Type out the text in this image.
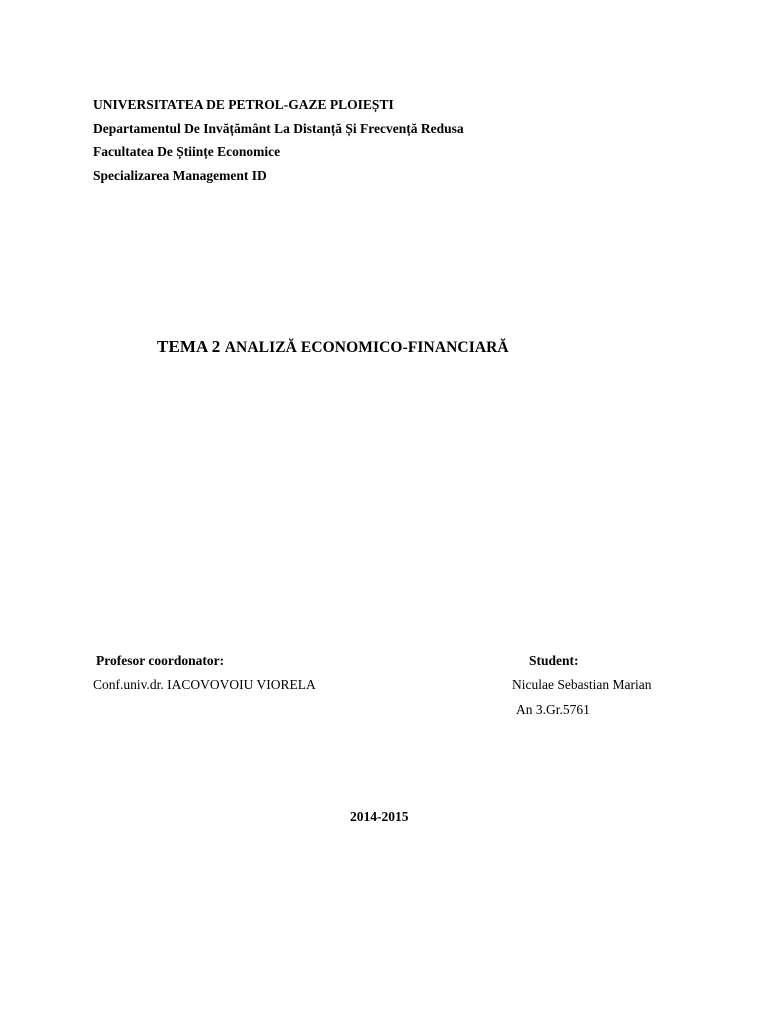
UNIVERSITATEA DE PETROL-GAZE PLOIEȘTI
Departamentul De Invățământ La Distanță Și Frecvență Redusa
Facultatea De Științe Economice
Specializarea Management ID
TEMA 2 ANALIZĂ ECONOMICO-FINANCIARĂ
Profesor coordonator:
Conf.univ.dr. IACOVOVOIU VIORELA
Student:
Niculae Sebastian Marian
An 3.Gr.5761
2014-2015
